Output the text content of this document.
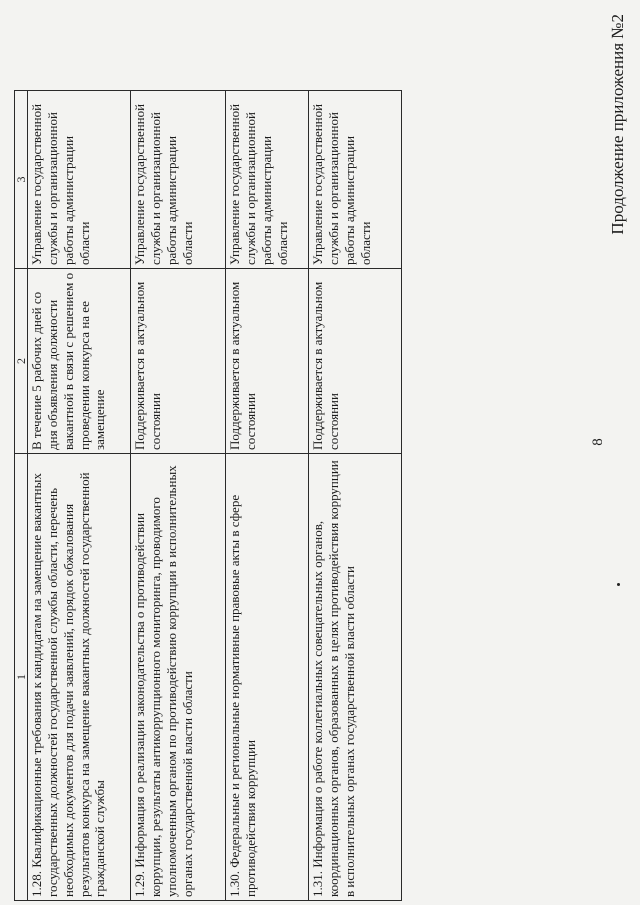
8
Продолжение приложения №2
1	2	3
1.28. Квалификационные требования к кандидатам на замещение вакантных государственных должностей государственной службы области, перечень необходимых документов для подачи заявлений, порядок обжалования результатов конкурса на замещение вакантных должностей государственной гражданской службы	В течение 5 рабочих дней со дня объявления должности вакантной в связи с решением о проведении конкурса на ее замещение	Управление государственной службы и организационной работы администрации области
1.29. Информация о реализации законодательства о противодействии коррупции, результаты антикоррупционного мониторинга, проводимого уполномоченным органом по противодействию коррупции в исполнительных органах государственной власти области	Поддерживается в актуальном состоянии	Управление государственной службы и организационной работы администрации области
1.30. Федеральные и региональные нормативные правовые акты в сфере противодействия коррупции	Поддерживается в актуальном состоянии	Управление государственной службы и организационной работы администрации области
1.31. Информация о работе коллегиальных совещательных органов, координационных органов, образованных в целях противодействия коррупции в исполнительных органах государственной власти области	Поддерживается в актуальном состоянии	Управление государственной службы и организационной работы администрации области
